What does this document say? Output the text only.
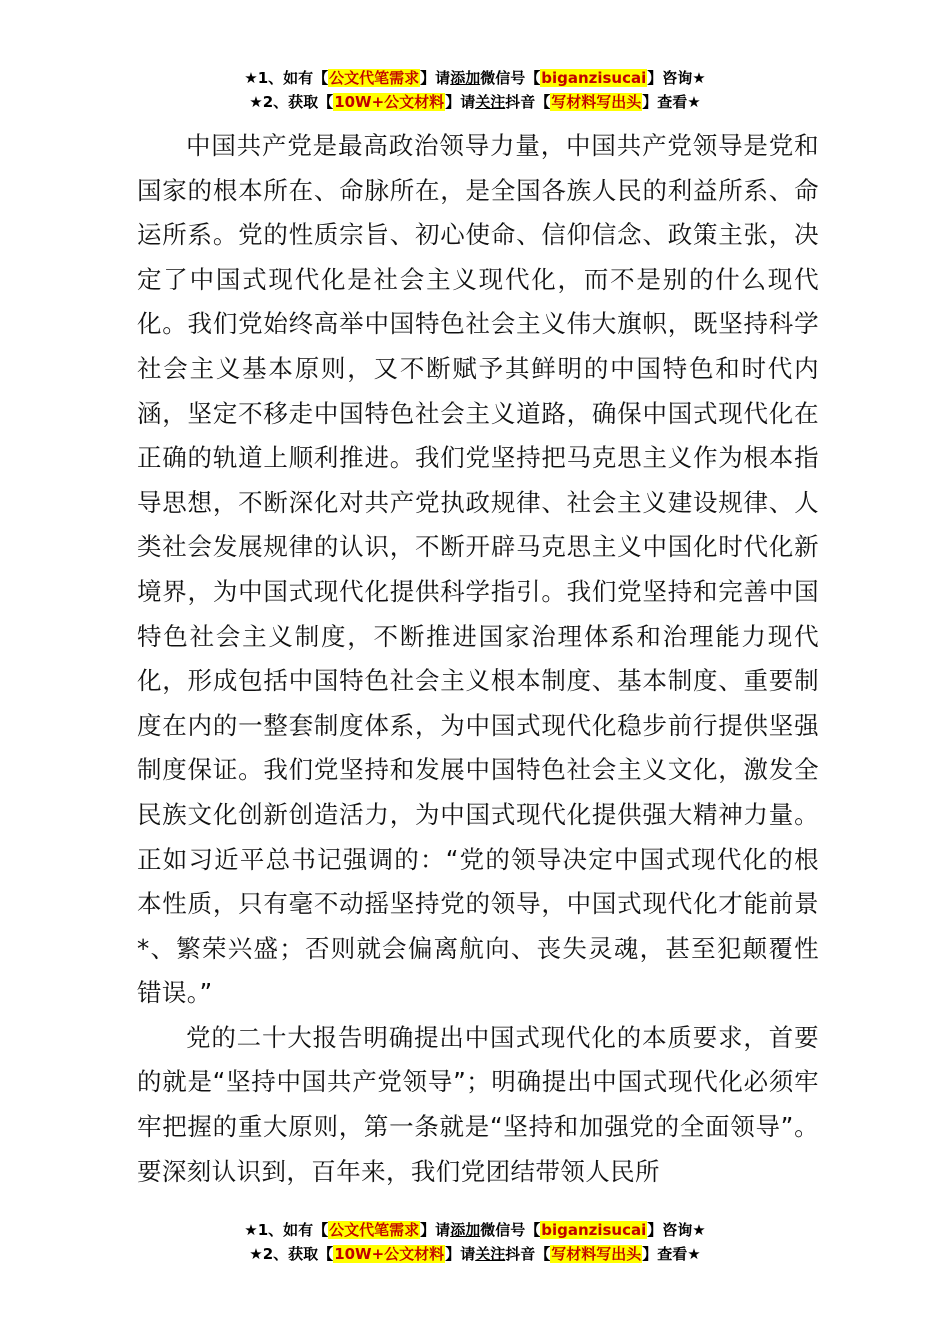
★1、如有【公文代笔需求】请添加微信号【biganzisucai】咨询★
★2、获取【10W+公文材料】请关注抖音【写材料写出头】查看★

中国共产党是最高政治领导力量，中国共产党领导是党和国家的根本所在、命脉所在，是全国各族人民的利益所系、命运所系。党的性质宗旨、初心使命、信仰信念、政策主张，决定了中国式现代化是社会主义现代化，而不是别的什么现代化。我们党始终高举中国特色社会主义伟大旗帜，既坚持科学社会主义基本原则，又不断赋予其鲜明的中国特色和时代内涵，坚定不移走中国特色社会主义道路，确保中国式现代化在正确的轨道上顺利推进。我们党坚持把马克思主义作为根本指导思想，不断深化对共产党执政规律、社会主义建设规律、人类社会发展规律的认识，不断开辟马克思主义中国化时代化新境界，为中国式现代化提供科学指引。我们党坚持和完善中国特色社会主义制度，不断推进国家治理体系和治理能力现代化，形成包括中国特色社会主义根本制度、基本制度、重要制度在内的一整套制度体系，为中国式现代化稳步前行提供坚强制度保证。我们党坚持和发展中国特色社会主义文化，激发全民族文化创新创造活力，为中国式现代化提供强大精神力量。正如习近平总书记强调的：“党的领导决定中国式现代化的根本性质，只有毫不动摇坚持党的领导，中国式现代化才能前景*、繁荣兴盛；否则就会偏离航向、丧失灵魂，甚至犯颠覆性错误。”

党的二十大报告明确提出中国式现代化的本质要求，首要的就是“坚持中国共产党领导”；明确提出中国式现代化必须牢牢把握的重大原则，第一条就是“坚持和加强党的全面领导”。要深刻认识到，百年来，我们党团结带领人民所

★1、如有【公文代笔需求】请添加微信号【biganzisucai】咨询★
★2、获取【10W+公文材料】请关注抖音【写材料写出头】查看★
